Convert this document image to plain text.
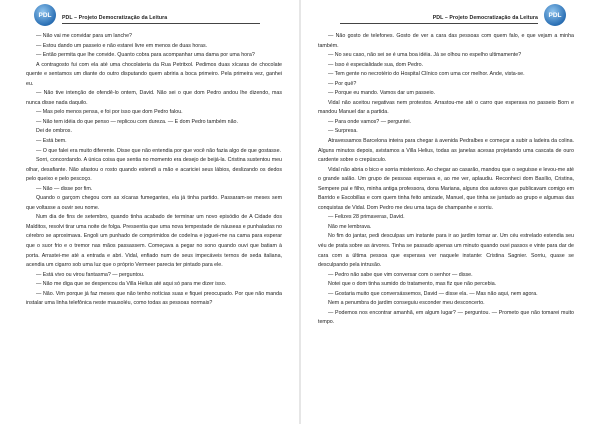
PDL – Projeto Democratização da Leitura
PDL

— Não vai me convidar para um lanche?

— Estou dando um passeio e não estarei livre em menos de duas horas.

— Então permita que lhe convide. Quanto cobra para acompanhar uma dama por uma hora?

A contragosto fui com ela até uma chocolateria da Rua Petritxol. Pedimos duas xícaras de chocolate quente e sentamos um diante do outro disputando quem abriria a boca primeiro. Pela primeira vez, ganhei eu.

— Não tive intenção de ofendê-lo ontem, David. Não sei o que dom Pedro andou lhe dizendo, mas nunca disse nada daquilo.

— Mas pelo menos pensa, e foi por isso que dom Pedro falou.

— Não tem idéia do que penso — replicou com dureza. — E dom Pedro também não.

Dei de ombros.

— Está bem.

— O que falei era muito diferente. Disse que não entendia por que você não fazia algo de que gostasse.

Sorri, concordando. A única coisa que sentia no momento era desejo de beijá-la. Cristina sustentou meu olhar, desafiante. Não afastou o rosto quando estendi a mão e acariciei seus lábios, deslizando os dedos pelo queixo e pelo pescoço.

— Não — disse por fim.

Quando o garçom chegou com as xícaras fumegantes, ela já tinha partido. Passaram-se meses sem que voltasse a ouvir seu nome.

Num dia de fins de setembro, quando tinha acabado de terminar um novo episódio de A Cidade dos Malditos, resolvi tirar uma noite de folga. Pressentia que uma nova tempestade de náuseas e punhaladas no cérebro se aproximava. Engoli um punhado de comprimidos de codeína e joguei-me na cama para esperar que o suor frio e o tremor nas mãos passassem. Começava a pegar no sono quando ouvi que batiam à porta. Arrastei-me até a entrada e abri. Vidal, enfiado num de seus impecáveis ternos de seda italiana, acendia um cigarro sob uma luz que o próprio Vermeer parecia ter pintado para ele.

— Está vivo ou virou fantasma? — perguntou.

— Não me diga que se despencou da Villa Helius até aqui só para me dizer isso.

— Não. Vim porque já faz meses que não tenho notícias suas e fiquei preocupado. Por que não manda instalar uma linha telefônica neste mausoléu, como todas as pessoas normais?

PDL – Projeto Democratização da Leitura	PDL

— Não gosto de telefones. Gosto de ver a cara das pessoas com quem falo, e que vejam a minha também.

— No seu caso, não sei se é uma boa idéia. Já se olhou no espelho ultimamente?

— Isso é especialidade sua, dom Pedro.

— Tem gente no necrotério do Hospital Clínico com uma cor melhor. Ande, vista-se.

— Por quê?

— Porque eu mando. Vamos dar um passeio.

Vidal não aceitou negativas nem protestos. Arrastou-me até o carro que esperava no passeio Born e mandou Manuel dar a partida.

— Para onde vamos? — perguntei.

— Surpresa.

Atravessamos Barcelona inteira para chegar à avenida Pedralbes e começar a subir a ladeira da colina. Alguns minutos depois, avistamos a Villa Helius, todas as janelas acesas projetando uma cascata de ouro cardente sobre o crepúsculo.

Vidal não abria o bico e sorria misterioso. Ao chegar ao casarão, mandou que o seguisse e levou-me até o grande salão. Um grupo de pessoas esperava e, ao me ver, aplaudiu. Reconheci dom Basílio, Cristina, Sempere pai e filho, minha antiga professora, dona Mariana, alguns dos autores que publicavam comigo em Barrido e Escobillas e com quem tinha feito amizade, Manuel, que tinha se juntado ao grupo e algumas das conquistas de Vidal. Dom Pedro me deu uma taça de champanhe e sorriu.

— Felizes 28 primaveras, David.

Não me lembrava.

No fim do jantar, pedi desculpas um instante para ir ao jardim tomar ar. Um céu estrelado estendia seu véu de prata sobre as árvores. Tinha se passado apenas um minuto quando ouvi passos e vinte para dar de cara com a última pessoa que esperava ver naquele instante: Cristina Sagnier. Sorriu, quase se desculpando pela intrusão.

— Pedro não sabe que vim conversar com o senhor — disse.

Notei que o dom tinha sumido do tratamento, mas fiz que não percebia.

— Gostaria muito que conversássemos, David — disse ela. — Mas não aqui, nem agora.

Nem a penumbra do jardim conseguiu esconder meu desconcerto.

— Podemos nos encontrar amanhã, em algum lugar? — perguntou. — Prometo que não tomarei muito tempo.
